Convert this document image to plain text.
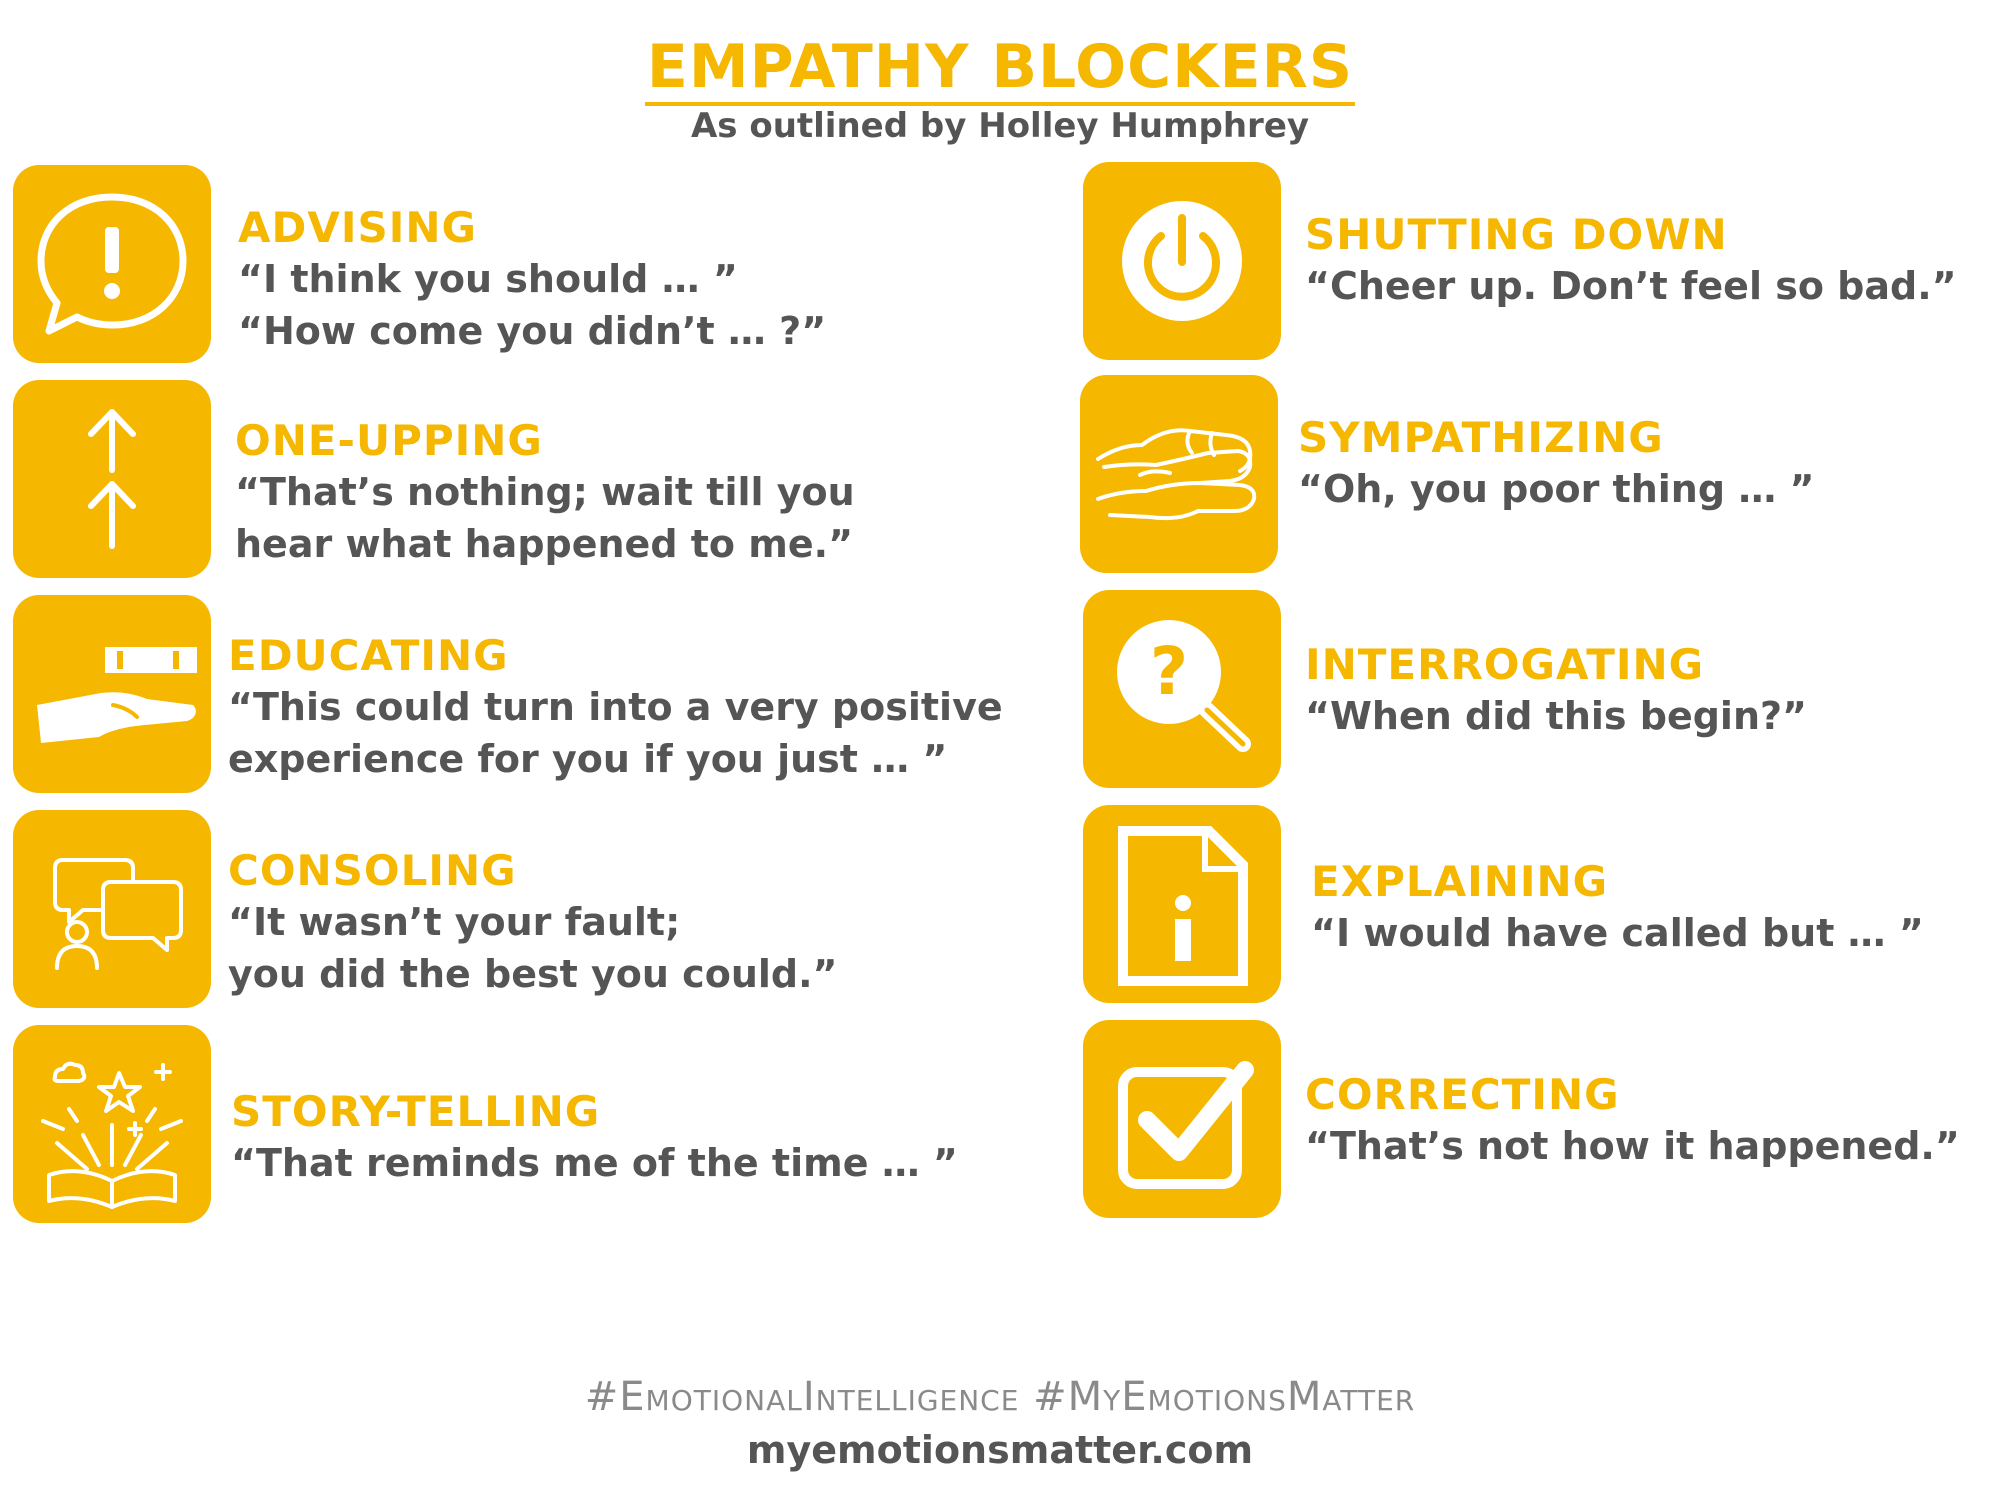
EMPATHY BLOCKERS
As outlined by Holley Humphrey
ADVISING
“I think you should … ”
“How come you didn’t … ?”
ONE-UPPING
“That’s nothing; wait till you
hear what happened to me.”
EDUCATING
“This could turn into a very positive
experience for you if you just … ”
CONSOLING
“It wasn’t your fault;
you did the best you could.”
STORY-TELLING
“That reminds me of the time … ”
SHUTTING DOWN
“Cheer up. Don’t feel so bad.”
SYMPATHIZING
“Oh, you poor thing … ”
?	INTERROGATING
“When did this begin?”
EXPLAINING
“I would have called but … ”
CORRECTING
“That’s not how it happened.”
#EmotionalIntelligence #MyEmotionsMatter
myemotionsmatter.com
